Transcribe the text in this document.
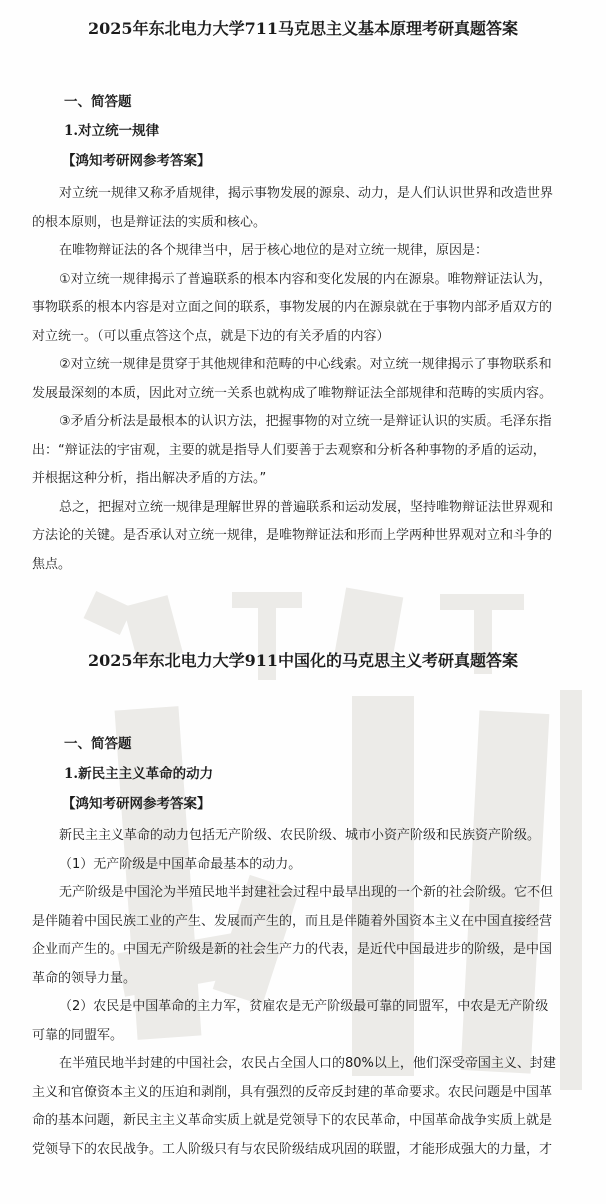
2025年东北电力大学711马克思主义基本原理考研真题答案

一、简答题

1.对立统一规律

【鸿知考研网参考答案】

对立统一规律又称矛盾规律，揭示事物发展的源泉、动力，是人们认识世界和改造世界
的根本原则，也是辩证法的实质和核心。
在唯物辩证法的各个规律当中，居于核心地位的是对立统一规律，原因是：
①对立统一规律揭示了普遍联系的根本内容和变化发展的内在源泉。唯物辩证法认为，
事物联系的根本内容是对立面之间的联系，事物发展的内在源泉就在于事物内部矛盾双方的
对立统一。（可以重点答这个点，就是下边的有关矛盾的内容）
②对立统一规律是贯穿于其他规律和范畴的中心线索。对立统一规律揭示了事物联系和
发展最深刻的本质，因此对立统一关系也就构成了唯物辩证法全部规律和范畴的实质内容。
③矛盾分析法是最根本的认识方法，把握事物的对立统一是辩证认识的实质。毛泽东指
出：“辩证法的宇宙观，主要的就是指导人们要善于去观察和分析各种事物的矛盾的运动，
并根据这种分析，指出解决矛盾的方法。”
总之，把握对立统一规律是理解世界的普遍联系和运动发展，坚持唯物辩证法世界观和
方法论的关键。是否承认对立统一规律，是唯物辩证法和形而上学两种世界观对立和斗争的
焦点。
2025年东北电力大学911中国化的马克思主义考研真题答案

一、简答题

1.新民主主义革命的动力

【鸿知考研网参考答案】

新民主主义革命的动力包括无产阶级、农民阶级、城市小资产阶级和民族资产阶级。
（1）无产阶级是中国革命最基本的动力。
无产阶级是中国沦为半殖民地半封建社会过程中最早出现的一个新的社会阶级。它不但
是伴随着中国民族工业的产生、发展而产生的，而且是伴随着外国资本主义在中国直接经营
企业而产生的。中国无产阶级是新的社会生产力的代表，是近代中国最进步的阶级，是中国
革命的领导力量。
（2）农民是中国革命的主力军，贫雇农是无产阶级最可靠的同盟军，中农是无产阶级
可靠的同盟军。
在半殖民地半封建的中国社会，农民占全国人口的80%以上，他们深受帝国主义、封建
主义和官僚资本主义的压迫和剥削，具有强烈的反帝反封建的革命要求。农民问题是中国革
命的基本问题，新民主主义革命实质上就是党领导下的农民革命，中国革命战争实质上就是
党领导下的农民战争。工人阶级只有与农民阶级结成巩固的联盟，才能形成强大的力量，才
